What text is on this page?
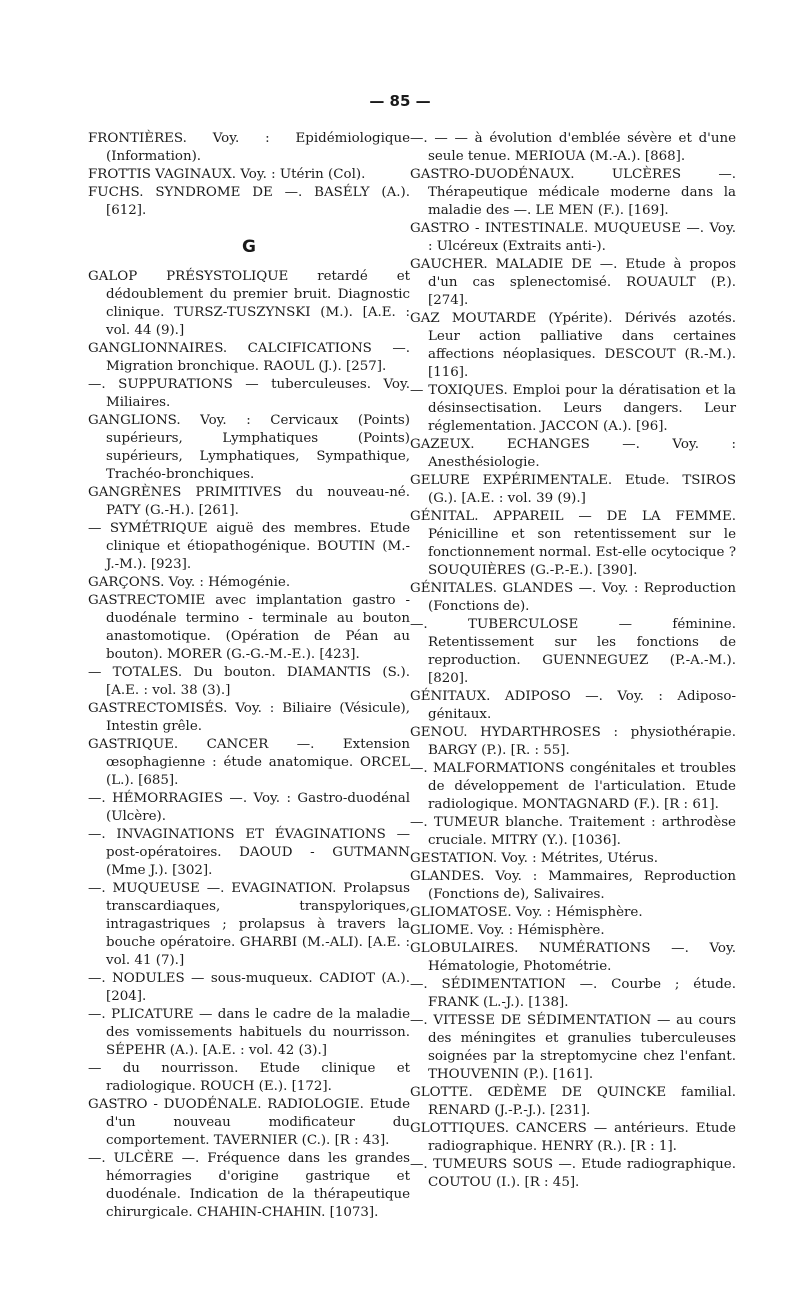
— 85 —

FRONTIÈRES. Voy. : Epidémiologique (Information).

FROTTIS VAGINAUX. Voy. : Utérin (Col).

FUCHS. SYNDROME DE —. BASÉLY (A.). [612].

G

GALOP PRÉSYSTOLIQUE retardé et dédoublement du premier bruit. Diagnostic clinique. TURSZ-TUSZYNSKI (M.). [A.E. : vol. 44 (9).]

GANGLIONNAIRES. CALCIFICATIONS —. Migration bronchique. RAOUL (J.). [257].

—. SUPPURATIONS — tuberculeuses. Voy. Miliaires.

GANGLIONS. Voy. : Cervicaux (Points) supérieurs, Lymphatiques (Points) supérieurs, Lymphatiques, Sympathique, Trachéo-bronchiques.

GANGRÈNES PRIMITIVES du nouveau-né. PATY (G.-H.). [261].

— SYMÉTRIQUE aiguë des membres. Etude clinique et étiopathogénique. BOUTIN (M.-J.-M.). [923].

GARÇONS. Voy. : Hémogénie.

GASTRECTOMIE avec implantation gastro - duodénale termino - terminale au bouton anastomotique. (Opération de Péan au bouton). MORER (G.-G.-M.-E.). [423].

— TOTALES. Du bouton. DIAMANTIS (S.). [A.E. : vol. 38 (3).]

GASTRECTOMISÉS. Voy. : Biliaire (Vésicule), Intestin grêle.

GASTRIQUE. CANCER —. Extension œsophagienne : étude anatomique. ORCEL (L.). [685].

—. HÉMORRAGIES —. Voy. : Gastro-duodénal (Ulcère).

—. INVAGINATIONS ET ÉVAGINATIONS — post-opératoires. DAOUD - GUTMANN (Mme J.). [302].

—. MUQUEUSE —. EVAGINATION. Prolapsus transcardiaques, transpyloriques, intragastriques ; prolapsus à travers la bouche opératoire. GHARBI (M.-ALI). [A.E. : vol. 41 (7).]

—. NODULES — sous-muqueux. CADIOT (A.). [204].

—. PLICATURE — dans le cadre de la maladie des vomissements habituels du nourrisson. SÉPEHR (A.). [A.E. : vol. 42 (3).]

— du nourrisson. Etude clinique et radiologique. ROUCH (E.). [172].

GASTRO - DUODÉNALE. RADIOLOGIE. Etude d'un nouveau modificateur du comportement. TAVERNIER (C.). [R : 43].

—. ULCÈRE —. Fréquence dans les grandes hémorragies d'origine gastrique et duodénale. Indication de la thérapeutique chirurgicale. CHAHIN-CHAHIN. [1073].

—. — — à évolution d'emblée sévère et d'une seule tenue. MERIOUA (M.-A.). [868].

GASTRO-DUODÉNAUX. ULCÈRES —. Thérapeutique médicale moderne dans la maladie des —. LE MEN (F.). [169].

GASTRO - INTESTINALE. MUQUEUSE —. Voy. : Ulcéreux (Extraits anti-).

GAUCHER. MALADIE DE —. Etude à propos d'un cas splenectomisé. ROUAULT (P.). [274].

GAZ MOUTARDE (Ypérite). Dérivés azotés. Leur action palliative dans certaines affections néoplasiques. DESCOUT (R.-M.). [116].

— TOXIQUES. Emploi pour la dératisation et la désinsectisation. Leurs dangers. Leur réglementation. JACCON (A.). [96].

GAZEUX. ECHANGES —. Voy. : Anesthésiologie.

GELURE EXPÉRIMENTALE. Etude. TSIROS (G.). [A.E. : vol. 39 (9).]

GÉNITAL. APPAREIL — DE LA FEMME. Pénicilline et son retentissement sur le fonctionnement normal. Est-elle ocytocique ? SOUQUIÈRES (G.-P.-E.). [390].

GÉNITALES. GLANDES —. Voy. : Reproduction (Fonctions de).

—. TUBERCULOSE — féminine. Retentissement sur les fonctions de reproduction. GUENNEGUEZ (P.-A.-M.). [820].

GÉNITAUX. ADIPOSO —. Voy. : Adiposo-génitaux.

GENOU. HYDARTHROSES : physiothérapie. BARGY (P.). [R. : 55].

—. MALFORMATIONS congénitales et troubles de développement de l'articulation. Etude radiologique. MONTAGNARD (F.). [R : 61].

—. TUMEUR blanche. Traitement : arthrodèse cruciale. MITRY (Y.). [1036].

GESTATION. Voy. : Métrites, Utérus.

GLANDES. Voy. : Mammaires, Reproduction (Fonctions de), Salivaires.

GLIOMATOSE. Voy. : Hémisphère.

GLIOME. Voy. : Hémisphère.

GLOBULAIRES. NUMÉRATIONS —. Voy. Hématologie, Photométrie.

—. SÉDIMENTATION —. Courbe ; étude. FRANK (L.-J.). [138].

—. VITESSE DE SÉDIMENTATION — au cours des méningites et granulies tuberculeuses soignées par la streptomycine chez l'enfant. THOUVENIN (P.). [161].

GLOTTE. ŒDÈME DE QUINCKE familial. RENARD (J.-P.-J.). [231].

GLOTTIQUES. CANCERS — antérieurs. Etude radiographique. HENRY (R.). [R : 1].

—. TUMEURS SOUS —. Etude radiographique. COUTOU (I.). [R : 45].
